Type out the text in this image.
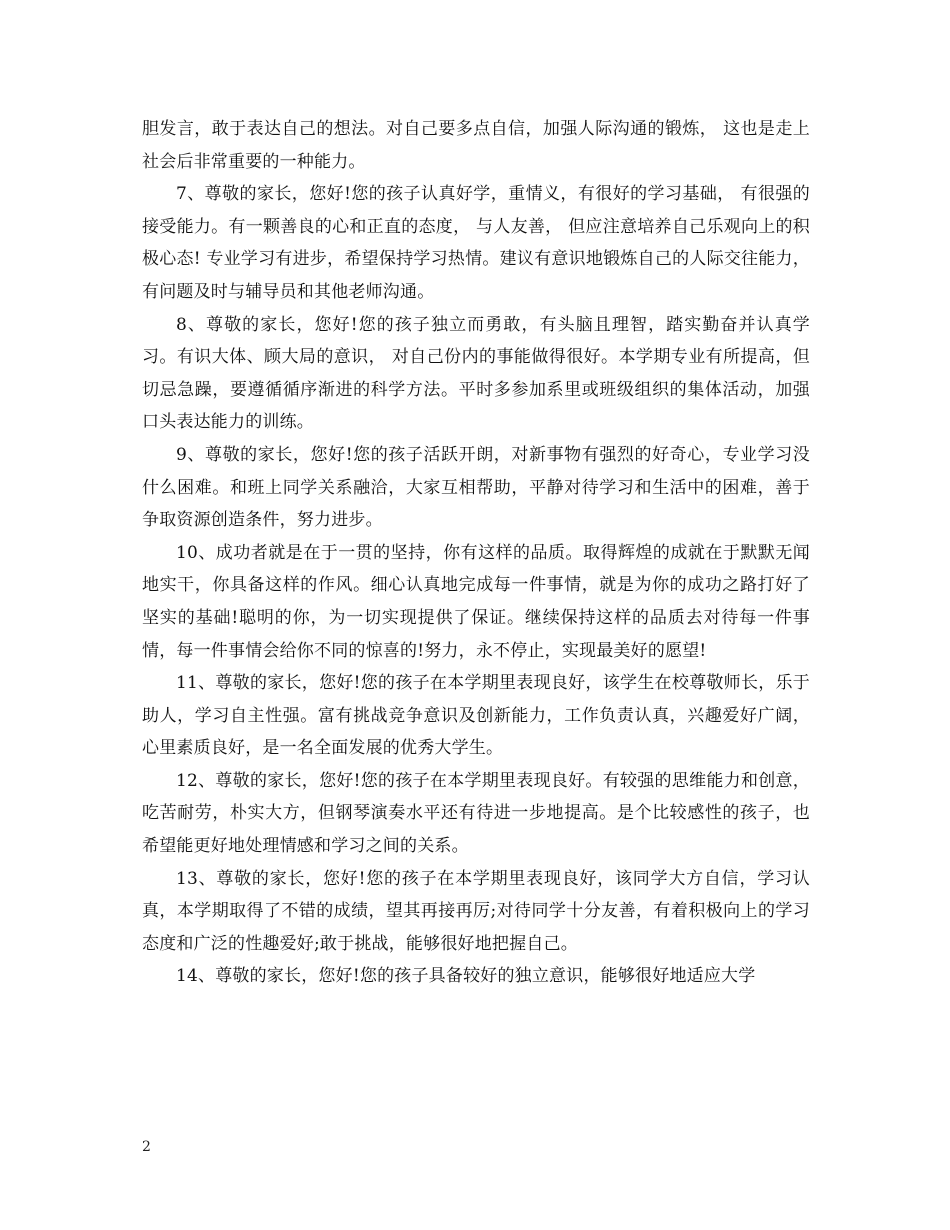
胆发言，敢于表达自己的想法。对自己要多点自信，加强人际沟通的锻炼， 这也是走上社会后非常重要的一种能力。

7、尊敬的家长，您好!您的孩子认真好学，重情义，有很好的学习基础， 有很强的接受能力。有一颗善良的心和正直的态度， 与人友善， 但应注意培养自己乐观向上的积极心态! 专业学习有进步，希望保持学习热情。建议有意识地锻炼自己的人际交往能力， 有问题及时与辅导员和其他老师沟通。

8、尊敬的家长，您好!您的孩子独立而勇敢，有头脑且理智，踏实勤奋并认真学习。有识大体、顾大局的意识， 对自己份内的事能做得很好。本学期专业有所提高，但切忌急躁，要遵循循序渐进的科学方法。平时多参加系里或班级组织的集体活动，加强口头表达能力的训练。

9、尊敬的家长，您好!您的孩子活跃开朗，对新事物有强烈的好奇心，专业学习没什么困难。和班上同学关系融洽，大家互相帮助，平静对待学习和生活中的困难，善于争取资源创造条件，努力进步。

10、成功者就是在于一贯的坚持，你有这样的品质。取得辉煌的成就在于默默无闻地实干，你具备这样的作风。细心认真地完成每一件事情，就是为你的成功之路打好了坚实的基础!聪明的你，为一切实现提供了保证。继续保持这样的品质去对待每一件事情，每一件事情会给你不同的惊喜的!努力，永不停止，实现最美好的愿望!

11、尊敬的家长，您好!您的孩子在本学期里表现良好，该学生在校尊敬师长，乐于助人，学习自主性强。富有挑战竞争意识及创新能力，工作负责认真，兴趣爱好广阔，心里素质良好，是一名全面发展的优秀大学生。

12、尊敬的家长，您好!您的孩子在本学期里表现良好。有较强的思维能力和创意，吃苦耐劳，朴实大方，但钢琴演奏水平还有待进一步地提高。是个比较感性的孩子，也希望能更好地处理情感和学习之间的关系。

13、尊敬的家长，您好!您的孩子在本学期里表现良好，该同学大方自信，学习认真，本学期取得了不错的成绩，望其再接再厉;对待同学十分友善，有着积极向上的学习态度和广泛的性趣爱好;敢于挑战，能够很好地把握自己。

14、尊敬的家长，您好!您的孩子具备较好的独立意识，能够很好地适应大学

2
